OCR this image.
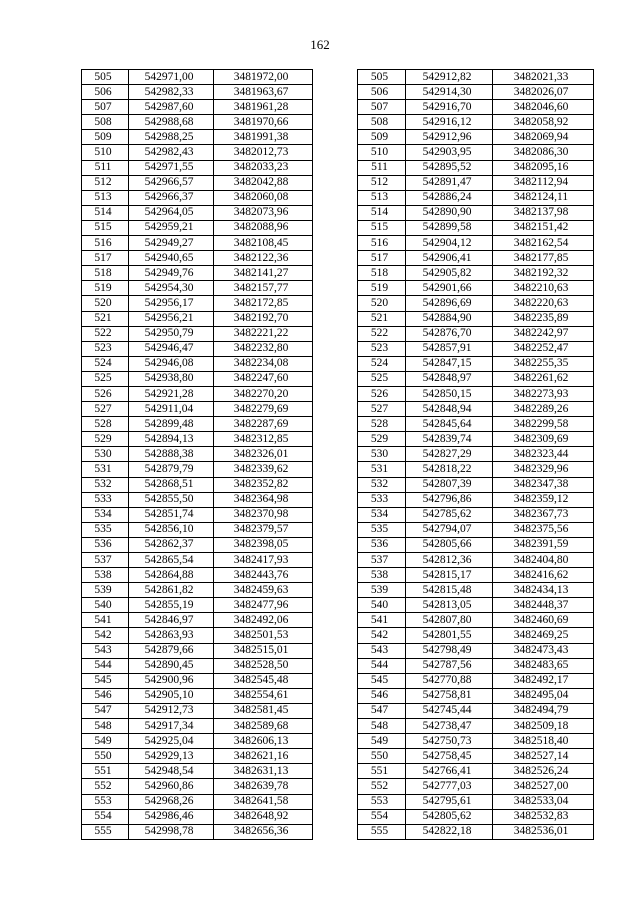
162
505	542971,00	3481972,00		505	542912,82	3482021,33
506	542982,33	3481963,67		506	542914,30	3482026,07
507	542987,60	3481961,28		507	542916,70	3482046,60
508	542988,68	3481970,66		508	542916,12	3482058,92
509	542988,25	3481991,38		509	542912,96	3482069,94
510	542982,43	3482012,73		510	542903,95	3482086,30
511	542971,55	3482033,23		511	542895,52	3482095,16
512	542966,57	3482042,88		512	542891,47	3482112,94
513	542966,37	3482060,08		513	542886,24	3482124,11
514	542964,05	3482073,96		514	542890,90	3482137,98
515	542959,21	3482088,96		515	542899,58	3482151,42
516	542949,27	3482108,45		516	542904,12	3482162,54
517	542940,65	3482122,36		517	542906,41	3482177,85
518	542949,76	3482141,27		518	542905,82	3482192,32
519	542954,30	3482157,77		519	542901,66	3482210,63
520	542956,17	3482172,85		520	542896,69	3482220,63
521	542956,21	3482192,70		521	542884,90	3482235,89
522	542950,79	3482221,22		522	542876,70	3482242,97
523	542946,47	3482232,80		523	542857,91	3482252,47
524	542946,08	3482234,08		524	542847,15	3482255,35
525	542938,80	3482247,60		525	542848,97	3482261,62
526	542921,28	3482270,20		526	542850,15	3482273,93
527	542911,04	3482279,69		527	542848,94	3482289,26
528	542899,48	3482287,69		528	542845,64	3482299,58
529	542894,13	3482312,85		529	542839,74	3482309,69
530	542888,38	3482326,01		530	542827,29	3482323,44
531	542879,79	3482339,62		531	542818,22	3482329,96
532	542868,51	3482352,82		532	542807,39	3482347,38
533	542855,50	3482364,98		533	542796,86	3482359,12
534	542851,74	3482370,98		534	542785,62	3482367,73
535	542856,10	3482379,57		535	542794,07	3482375,56
536	542862,37	3482398,05		536	542805,66	3482391,59
537	542865,54	3482417,93		537	542812,36	3482404,80
538	542864,88	3482443,76		538	542815,17	3482416,62
539	542861,82	3482459,63		539	542815,48	3482434,13
540	542855,19	3482477,96		540	542813,05	3482448,37
541	542846,97	3482492,06		541	542807,80	3482460,69
542	542863,93	3482501,53		542	542801,55	3482469,25
543	542879,66	3482515,01		543	542798,49	3482473,43
544	542890,45	3482528,50		544	542787,56	3482483,65
545	542900,96	3482545,48		545	542770,88	3482492,17
546	542905,10	3482554,61		546	542758,81	3482495,04
547	542912,73	3482581,45		547	542745,44	3482494,79
548	542917,34	3482589,68		548	542738,47	3482509,18
549	542925,04	3482606,13		549	542750,73	3482518,40
550	542929,13	3482621,16		550	542758,45	3482527,14
551	542948,54	3482631,13		551	542766,41	3482526,24
552	542960,86	3482639,78		552	542777,03	3482527,00
553	542968,26	3482641,58		553	542795,61	3482533,04
554	542986,46	3482648,92		554	542805,62	3482532,83
555	542998,78	3482656,36		555	542822,18	3482536,01
